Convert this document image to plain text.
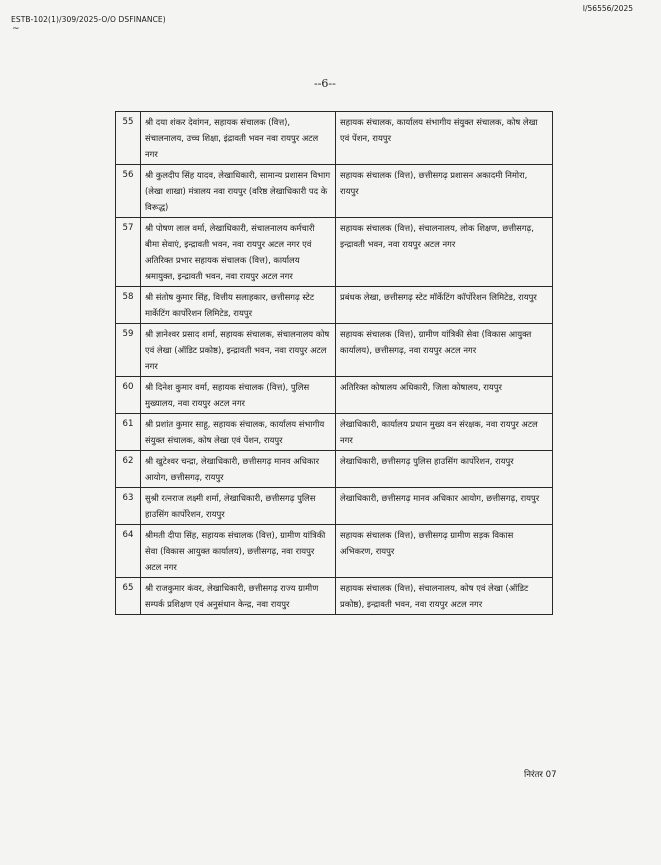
ESTB-102(1)/309/2025-O/O DSFINANCE)
~
I/56556/2025
--6--
55	श्री दया शंकर देवांगन, सहायक संचालक (वित्त), संचालनालय, उच्च शिक्षा, इंद्रावती भवन नवा रायपुर अटल नगर	सहायक संचालक, कार्यालय संभागीय संयुक्त संचालक, कोष लेखा एवं पेंशन, रायपुर
56	श्री कुलदीप सिंह यादव, लेखाधिकारी, सामान्य प्रशासन विभाग (लेखा शाखा) मंत्रालय नवा रायपुर (वरिष्ठ लेखाधिकारी पद के विरूद्ध)	सहायक संचालक (वित्त), छत्तीसगढ़ प्रशासन अकादमी निमोरा, रायपुर
57	श्री पोषण लाल वर्मा, लेखाधिकारी, संचालनालय कर्मचारी बीमा सेवाएं, इन्द्रावती भवन, नवा रायपुर अटल नगर एवं अतिरिक्त प्रभार सहायक संचालक (वित्त), कार्यालय श्रमायुक्त, इन्द्रावती भवन, नवा रायपुर अटल नगर	सहायक संचालक (वित्त), संचालनालय, लोक शिक्षण, छत्तीसगढ़, इन्द्रावती भवन, नवा रायपुर अटल नगर
58	श्री संतोष कुमार सिंह, वित्तीय सलाहकार, छत्तीसगढ़ स्टेट मार्केटिंग कार्पोरेशन लिमिटेड, रायपुर	प्रबंधक लेखा, छत्तीसगढ़ स्टेट मॉर्केटिंग कॉर्पोरेशन लिमिटेड, रायपुर
59	श्री ज्ञानेश्वर प्रसाद शर्मा, सहायक संचालक, संचालनालय कोष एवं लेखा (ऑडिट प्रकोष्ठ), इन्द्रावती भवन, नवा रायपुर अटल नगर	सहायक संचालक (वित्त), ग्रामीण यांत्रिकी सेवा (विकास आयुक्त कार्यालय), छत्तीसगढ़, नवा रायपुर अटल नगर
60	श्री दिनेश कुमार वर्मा, सहायक संचालक (वित्त), पुलिस मुख्यालय, नवा रायपुर अटल नगर	अतिरिक्त कोषालय अधिकारी, जिला कोषालय, रायपुर
61	श्री प्रशांत कुमार साहू, सहायक संचालक, कार्यालय संभागीय संयुक्त संचालक, कोष लेखा एवं पेंशन, रायपुर	लेखाधिकारी, कार्यालय प्रधान मुख्य वन संरक्षक, नवा रायपुर अटल नगर
62	श्री खुटेश्वर चन्द्रा, लेखाधिकारी, छत्तीसगढ़ मानव अधिकार आयोग, छत्तीसगढ़, रायपुर	लेखाधिकारी, छत्तीसगढ़ पुलिस हाउसिंग कार्पोरेशन, रायपुर
63	सुश्री रत्नराज लक्ष्मी शर्मा, लेखाधिकारी, छत्तीसगढ़ पुलिस हाउसिंग कार्पोरेशन, रायपुर	लेखाधिकारी, छत्तीसगढ़ मानव अधिकार आयोग, छत्तीसगढ़, रायपुर
64	श्रीमती दीपा सिंह, सहायक संचालक (वित्त), ग्रामीण यांत्रिकी सेवा (विकास आयुक्त कार्यालय), छत्तीसगढ़, नवा रायपुर अटल नगर	सहायक संचालक (वित्त), छत्तीसगढ़ ग्रामीण सड़क विकास अभिकरण, रायपुर
65	श्री राजकुमार कंवर, लेखाधिकारी, छत्तीसगढ़ राज्य ग्रामीण सम्पर्क प्रशिक्षण एवं अनुसंधान केन्द्र, नवा रायपुर	सहायक संचालक (वित्त), संचालनालय, कोष एवं लेखा (ऑडिट प्रकोष्ठ), इन्द्रावती भवन, नवा रायपुर अटल नगर
निरंतर 07
